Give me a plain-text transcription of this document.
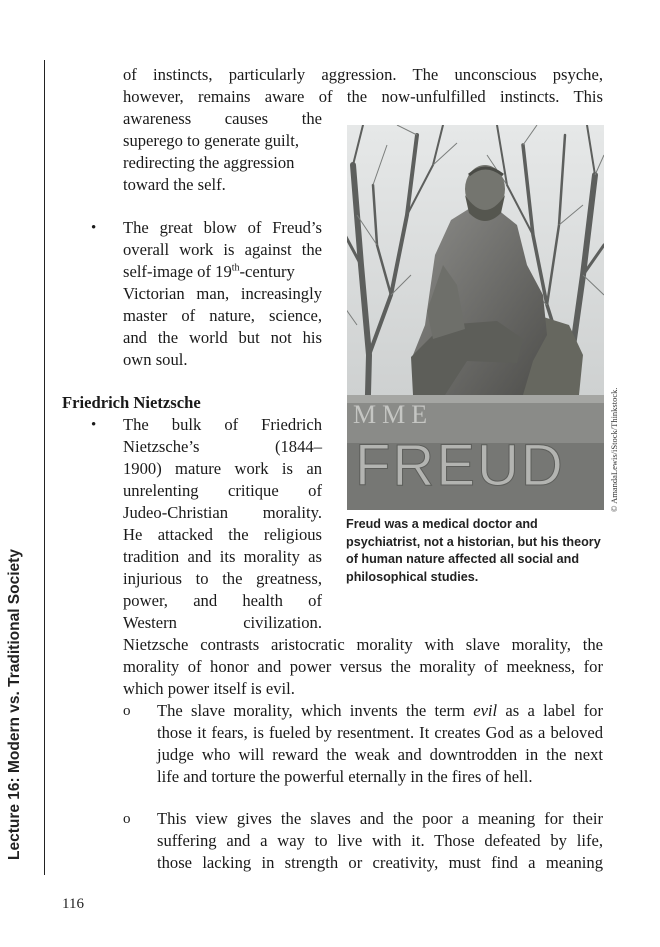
Lecture 16: Modern vs. Traditional Society

of instincts, particularly aggression. The unconscious psyche,

however, remains aware of the now-unfulfilled instincts. This

awareness causes the

superego to generate guilt,

redirecting the aggression

toward the self.

• The great blow of Freud’s

overall work is against the

self-image of 19th-century

Victorian man, increasingly

master of nature, science,

and the world but not his

own soul.

Friedrich Nietzsche
• The bulk of Friedrich

Nietzsche’s (1844–

1900) mature work is an

unrelenting critique of

Judeo-Christian morality.

He attacked the religious

tradition and its morality as

injurious to the greatness,

power, and health of

Western civilization.

Nietzsche contrasts aristocratic morality with slave morality, the

morality of honor and power versus the morality of meekness, for

which power itself is evil.

o The slave morality, which invents the term evil as a label for

those it fears, is fueled by resentment. It creates God as a beloved

judge who will reward the weak and downtrodden in the next

life and torture the powerful eternally in the fires of hell.

o This view gives the slaves and the poor a meaning for their

suffering and a way to live with it. Those defeated by life,

those lacking in strength or creativity, must find a meaning

MME
FREUD	© AmandaLewis/iStock/Thinkstock.
Freud was a medical doctor and psychiatrist, not a historian, but his theory of human nature affected all social and philosophical studies.
116
